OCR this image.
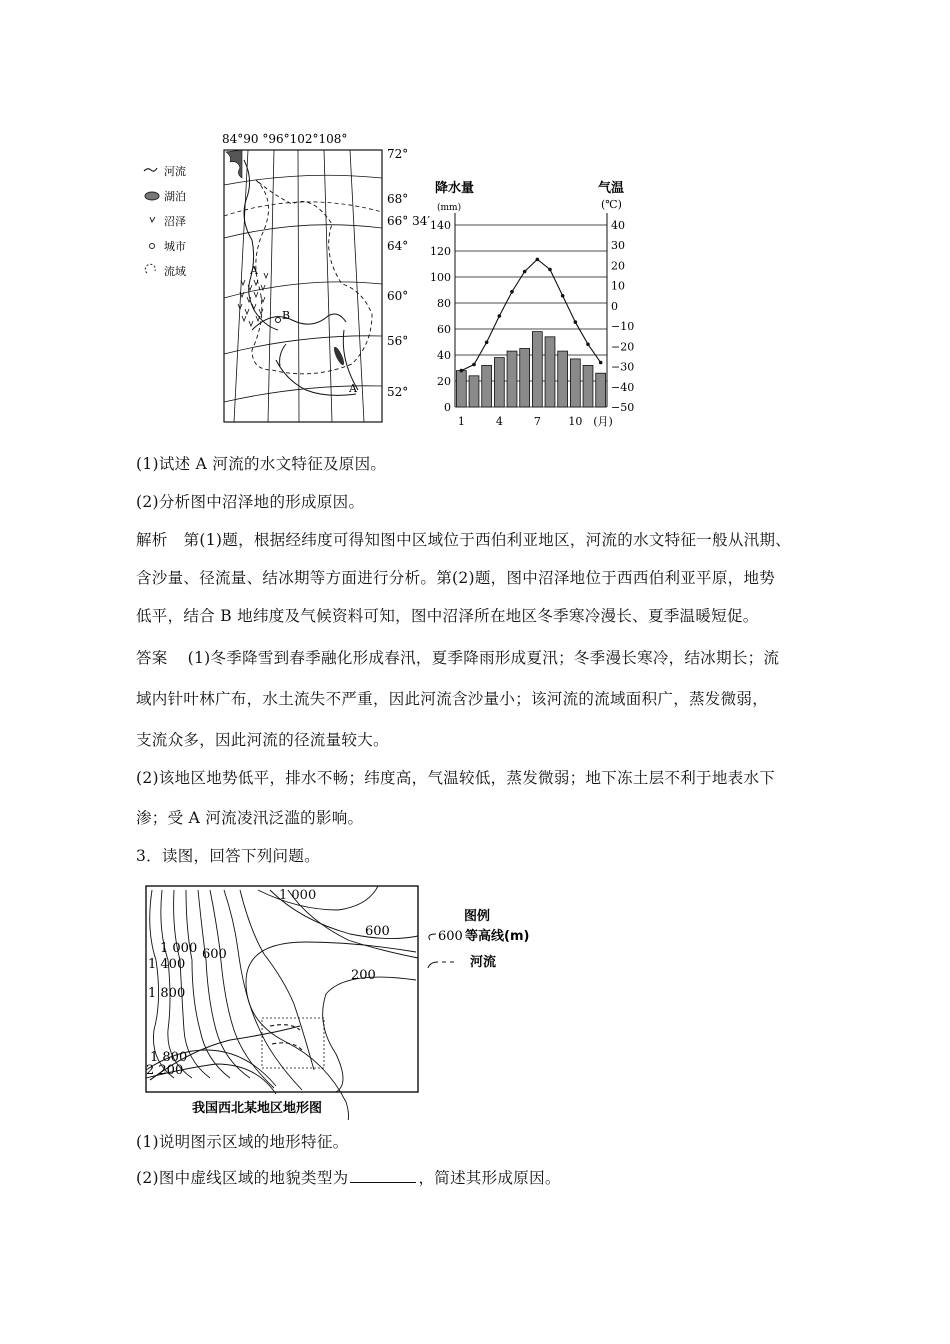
河流
湖泊
沼泽
城市
流域
84°90 °96°102°108°
A
B
A
72°
68°
66° 34′
64°
60°
56°
52°
降水量
(mm)
气温
(℃)
140
120
100
80
60
40
20
0
40
30
20
10
0
−10
−20
−30
−40
−50
1	4	7	10 (月)
(1)试述 A 河流的水文特征及原因。
(2)分析图中沼泽地的形成原因。
解析 第(1)题，根据经纬度可得知图中区域位于西伯利亚地区，河流的水文特征一般从汛期、
含沙量、径流量、结冰期等方面进行分析。第(2)题，图中沼泽地位于西西伯利亚平原，地势
低平，结合 B 地纬度及气候资料可知，图中沼泽所在地区冬季寒冷漫长、夏季温暖短促。
答案 (1)冬季降雪到春季融化形成春汛，夏季降雨形成夏汛；冬季漫长寒冷，结冰期长；流
域内针叶林广布，水土流失不严重，因此河流含沙量小；该河流的流域面积广，蒸发微弱，
支流众多，因此河流的径流量较大。
(2)该地区地势低平，排水不畅；纬度高，气温较低，蒸发微弱；地下冻土层不利于地表水下
渗；受 A 河流凌汛泛滥的影响。
3．读图，回答下列问题。
1 000
600
1 000 600
1 400
200
1 800
1 800
2 200
图例
600 等高线(m)
河流
我国西北某地区地形图
(1)说明图示区域的地形特征。
(2)图中虚线区域的地貌类型为	，简述其形成原因。
